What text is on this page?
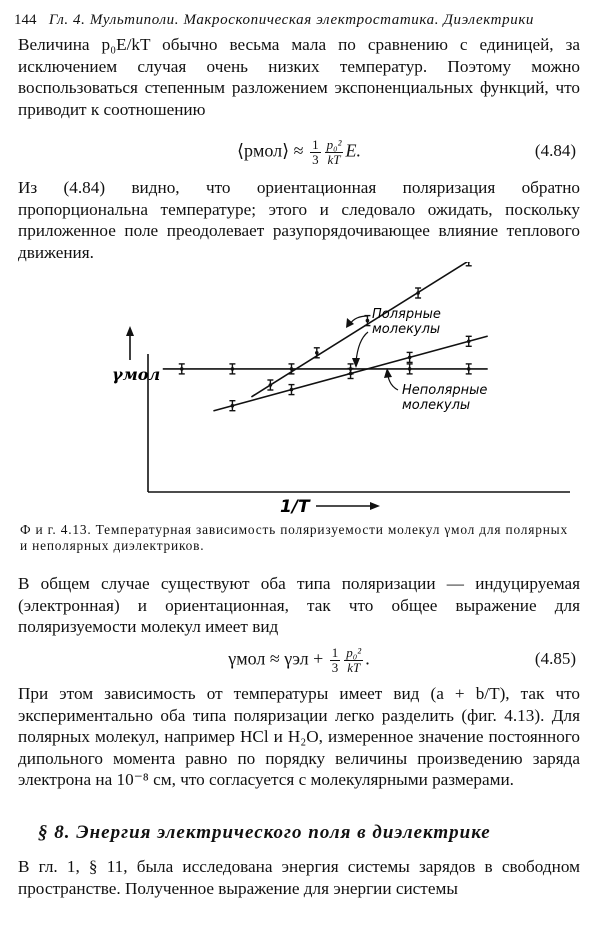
144 Гл. 4. Мультиполи. Макроскопическая электростатика. Диэлектрики
Величина p₀E/kT обычно весьма мала по сравнению с единицей, за исключением случая очень низких температур. Поэтому можно воспользоваться степенным разложением экспоненциальных функций, что приводит к соотношению
⟨pмол⟩ ≈ $\frac{1}{3} \frac{\text{p₀²}}{kT} E$.	(4.84)
Из (4.84) видно, что ориентационная поляризация обратно пропорциональна температуре; этого и следовало ожидать, поскольку приложенное поле преодолевает разупорядочивающее влияние теплового движения.
γмол
1/T
Полярные
молекулы
Неполярные
молекулы
Ф и г. 4.13. Температурная зависимость поляризуемости молекул γмол для полярных и неполярных диэлектриков.
В общем случае существуют оба типа поляризации — индуцируемая (электронная) и ориентационная, так что общее выражение для поляризуемости молекул имеет вид
$\gamma мол \approx \gamma эл + \frac{1}{3} \frac{\text{p₀²}}{kT}$ .	(4.85)
При этом зависимость от температуры имеет вид (a + b/T), так что экспериментально оба типа поляризации легко разделить (фиг. 4.13). Для полярных молекул, например HCl и H₂O, измеренное значение постоянного дипольного момента равно по порядку величины произведению заряда электрона на 10⁻⁸ см, что согласуется с молекулярными размерами.
§ 8. Энергия электрического поля в диэлектрике
В гл. 1, § 11, была исследована энергия системы зарядов в свободном пространстве. Полученное выражение для энергии системы
